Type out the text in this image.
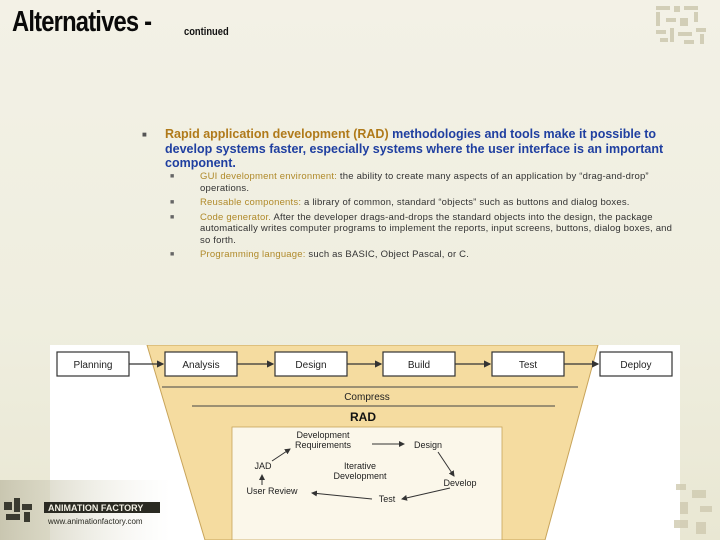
Alternatives -	continued
■ Rapid application development (RAD) methodologies and tools make it possible to develop systems faster, especially systems where the user interface is an important component.
■	GUI development environment: the ability to create many aspects of an application by “drag-and-drop” operations.
■	Reusable components: a library of common, standard “objects” such as buttons and dialog boxes.
■	Code generator. After the developer drags-and-drops the standard objects into the design, the package automatically writes computer programs to implement the reports, input screens, buttons, dialog boxes, and so forth.
■	Programming language: such as BASIC, Object Pascal, or C.
Planning	Analysis	Design	Build	Test	Deploy
Compress
RAD
Development
Requirements	Design
JAD	Iterative
Development
Develop
User Review
Test
ANIMATION FACTORY
www.animationfactory.com
